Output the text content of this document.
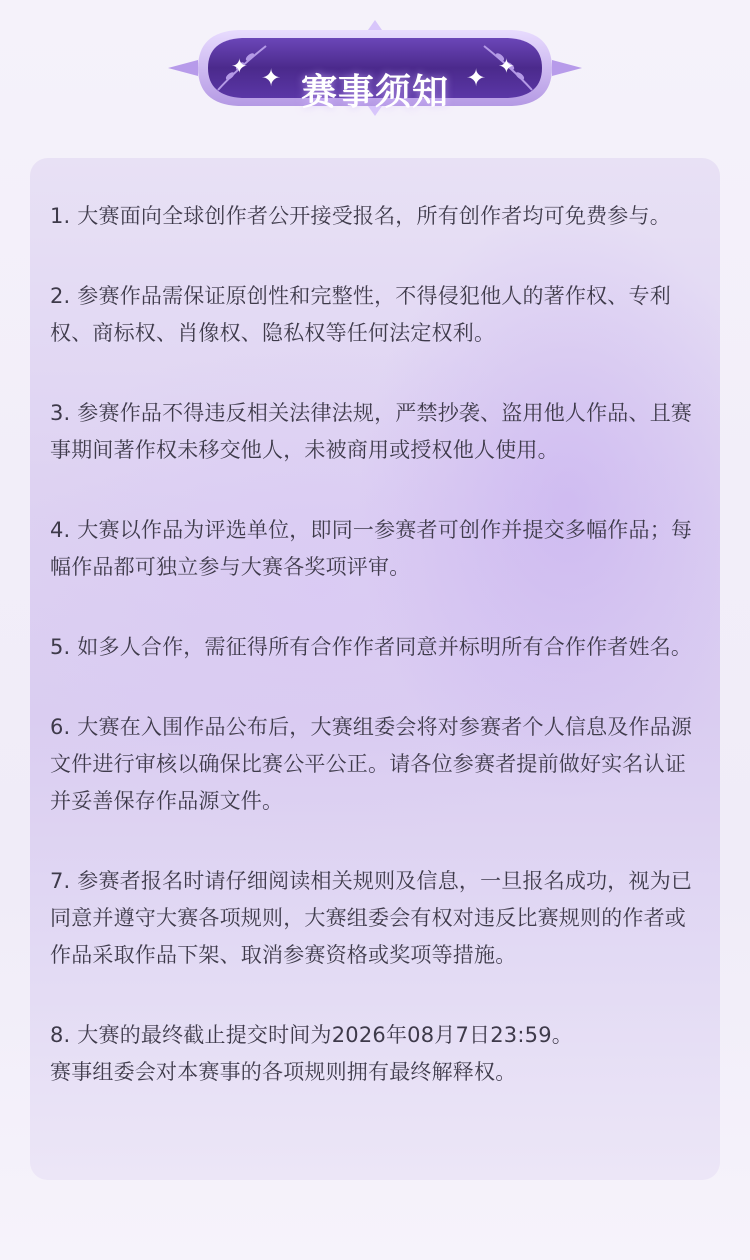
✦ ✦	✦ ✦
赛事须知

1. 大赛面向全球创作者公开接受报名，所有创作者均可免费参与。

2. 参赛作品需保证原创性和完整性，不得侵犯他人的著作权、专利权、商标权、肖像权、隐私权等任何法定权利。

3. 参赛作品不得违反相关法律法规，严禁抄袭、盗用他人作品、且赛事期间著作权未移交他人，未被商用或授权他人使用。

4. 大赛以作品为评选单位，即同一参赛者可创作并提交多幅作品；每幅作品都可独立参与大赛各奖项评审。

5. 如多人合作，需征得所有合作作者同意并标明所有合作作者姓名。

6. 大赛在入围作品公布后，大赛组委会将对参赛者个人信息及作品源文件进行审核以确保比赛公平公正。请各位参赛者提前做好实名认证并妥善保存作品源文件。

7. 参赛者报名时请仔细阅读相关规则及信息，一旦报名成功，视为已同意并遵守大赛各项规则，大赛组委会有权对违反比赛规则的作者或作品采取作品下架、取消参赛资格或奖项等措施。

8. 大赛的最终截止提交时间为2026年08月7日23:59。

赛事组委会对本赛事的各项规则拥有最终解释权。
